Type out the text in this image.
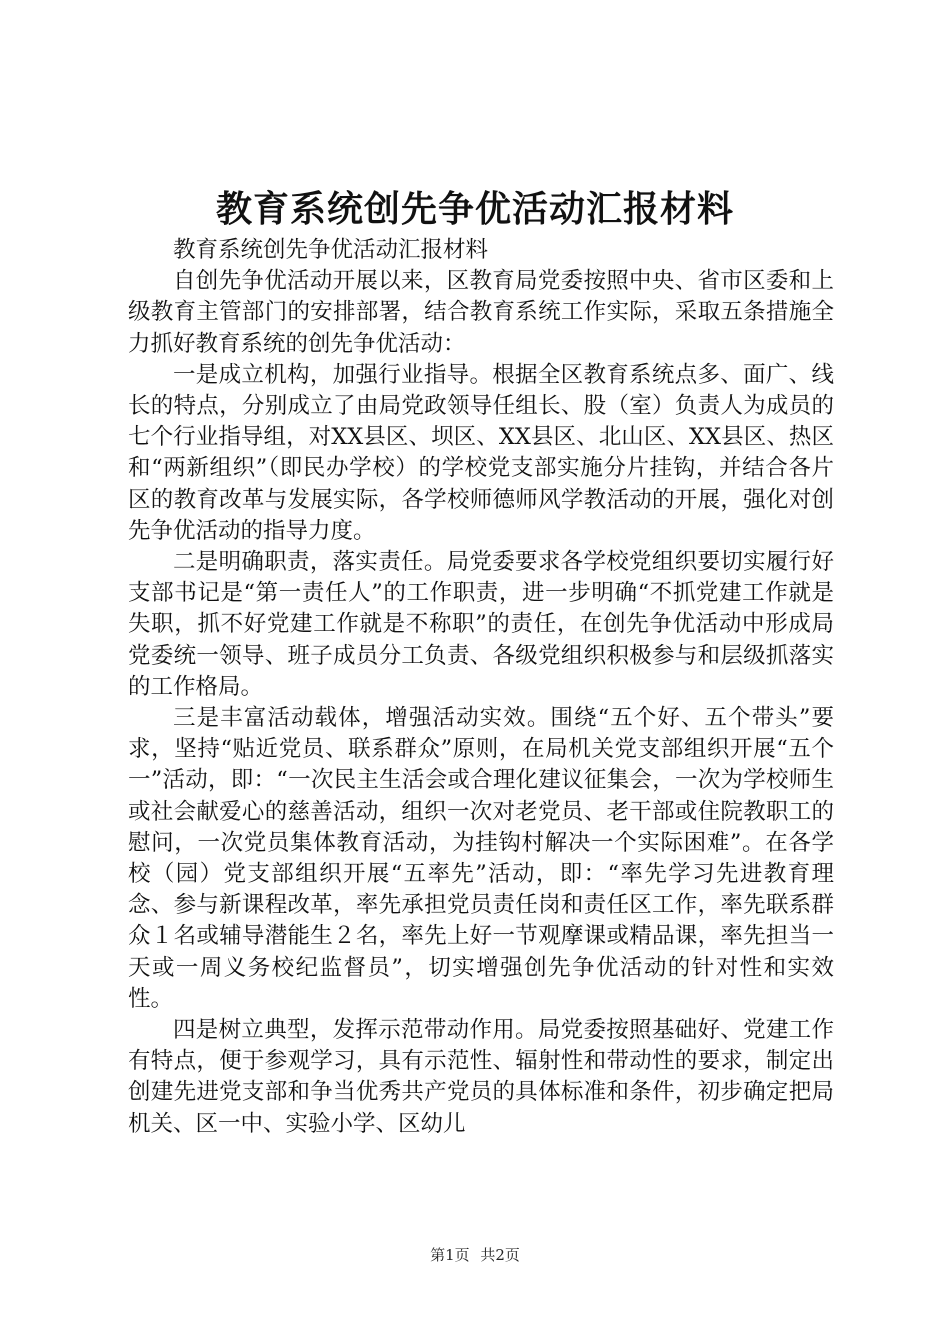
教育系统创先争优活动汇报材料

教育系统创先争优活动汇报材料

自创先争优活动开展以来，区教育局党委按照中央、省市区委和上级教育主管部门的安排部署，结合教育系统工作实际，采取五条措施全力抓好教育系统的创先争优活动：

一是成立机构，加强行业指导。根据全区教育系统点多、面广、线长的特点，分别成立了由局党政领导任组长、股（室）负责人为成员的七个行业指导组，对XX县区、坝区、XX县区、北山区、XX县区、热区和“两新组织”（即民办学校）的学校党支部实施分片挂钩，并结合各片区的教育改革与发展实际，各学校师德师风学教活动的开展，强化对创先争优活动的指导力度。

二是明确职责，落实责任。局党委要求各学校党组织要切实履行好支部书记是“第一责任人”的工作职责，进一步明确“不抓党建工作就是失职，抓不好党建工作就是不称职”的责任，在创先争优活动中形成局党委统一领导、班子成员分工负责、各级党组织积极参与和层级抓落实的工作格局。

三是丰富活动载体，增强活动实效。围绕“五个好、五个带头”要求，坚持“贴近党员、联系群众”原则，在局机关党支部组织开展“五个一”活动，即：“一次民主生活会或合理化建议征集会，一次为学校师生或社会献爱心的慈善活动，组织一次对老党员、老干部或住院教职工的慰问，一次党员集体教育活动，为挂钩村解决一个实际困难”。在各学校（园）党支部组织开展“五率先”活动，即：“率先学习先进教育理念、参与新课程改革，率先承担党员责任岗和责任区工作，率先联系群众１名或辅导潜能生２名，率先上好一节观摩课或精品课，率先担当一天或一周义务校纪监督员”，切实增强创先争优活动的针对性和实效性。

四是树立典型，发挥示范带动作用。局党委按照基础好、党建工作有特点，便于参观学习，具有示范性、辐射性和带动性的要求，制定出创建先进党支部和争当优秀共产党员的具体标准和条件，初步确定把局机关、区一中、实验小学、区幼儿

第1页 共2页
